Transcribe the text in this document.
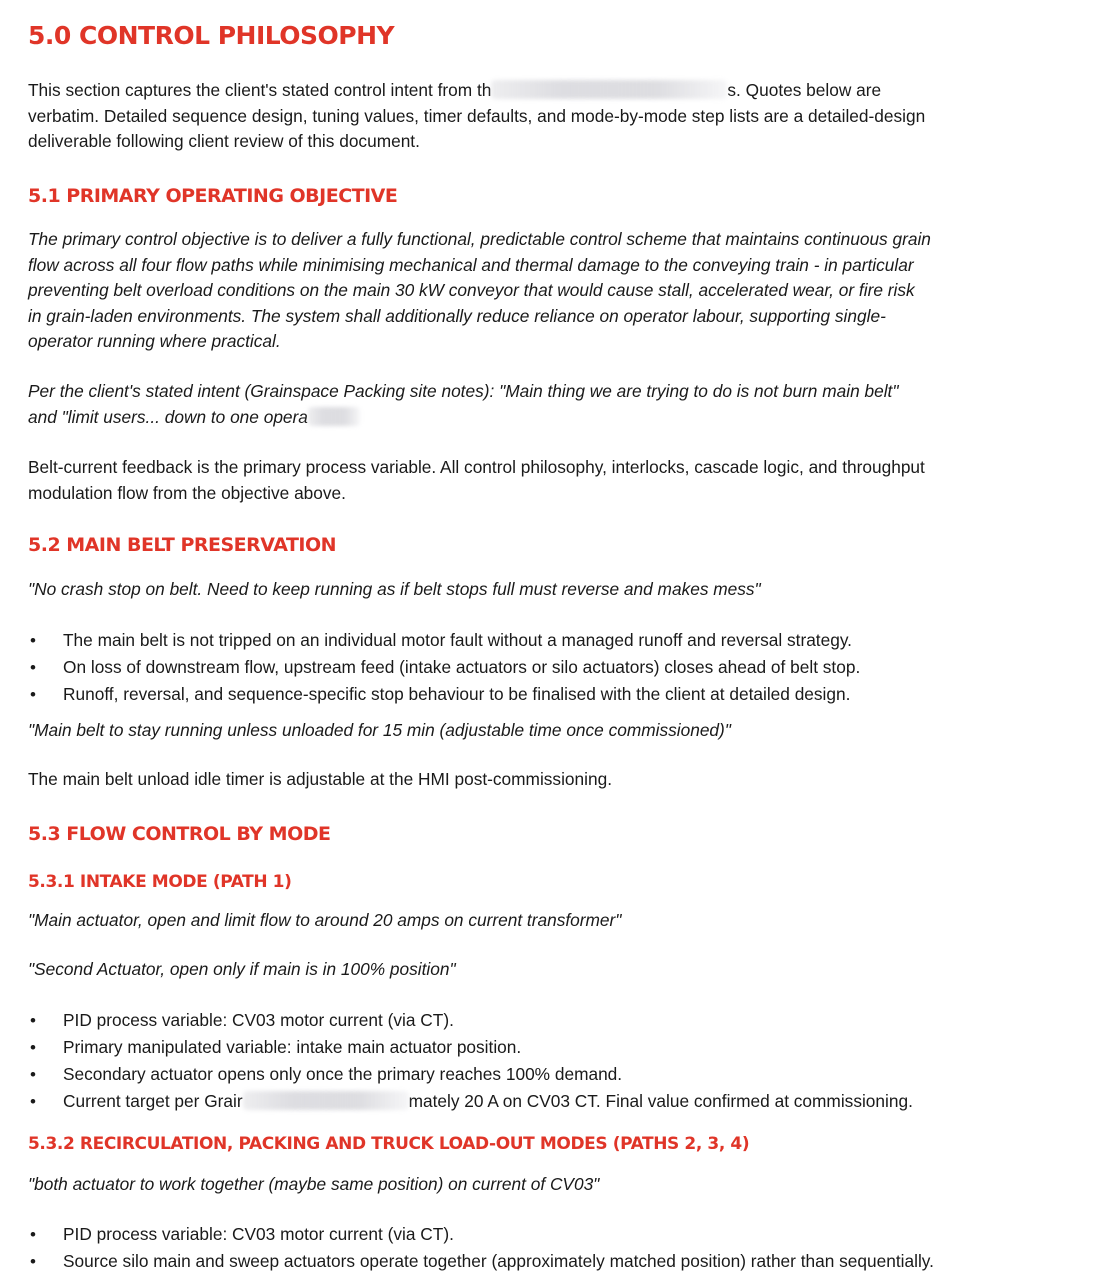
5.0 CONTROL PHILOSOPHY

This section captures the client's stated control intent from th	s. Quotes below are

verbatim. Detailed sequence design, tuning values, timer defaults, and mode-by-mode step lists are a detailed-design

deliverable following client review of this document.

5.1 PRIMARY OPERATING OBJECTIVE

The primary control objective is to deliver a fully functional, predictable control scheme that maintains continuous grain

flow across all four flow paths while minimising mechanical and thermal damage to the conveying train - in particular

preventing belt overload conditions on the main 30 kW conveyor that would cause stall, accelerated wear, or fire risk

in grain-laden environments. The system shall additionally reduce reliance on operator labour, supporting single-

operator running where practical.

Per the client's stated intent (Grainspace Packing site notes): "Main thing we are trying to do is not burn main belt"

and "limit users... down to one opera

Belt-current feedback is the primary process variable. All control philosophy, interlocks, cascade logic, and throughput

modulation flow from the objective above.

5.2 MAIN BELT PRESERVATION

"No crash stop on belt. Need to keep running as if belt stops full must reverse and makes mess"

• The main belt is not tripped on an individual motor fault without a managed runoff and reversal strategy.
• On loss of downstream flow, upstream feed (intake actuators or silo actuators) closes ahead of belt stop.
• Runoff, reversal, and sequence-specific stop behaviour to be finalised with the client at detailed design.

"Main belt to stay running unless unloaded for 15 min (adjustable time once commissioned)"

The main belt unload idle timer is adjustable at the HMI post-commissioning.

5.3 FLOW CONTROL BY MODE
5.3.1 INTAKE MODE (PATH 1)

"Main actuator, open and limit flow to around 20 amps on current transformer"

"Second Actuator, open only if main is in 100% position"

• PID process variable: CV03 motor current (via CT).
• Primary manipulated variable: intake main actuator position.
• Secondary actuator opens only once the primary reaches 100% demand.
• Current target per Grair	mately 20 A on CV03 CT. Final value confirmed at commissioning.
5.3.2 RECIRCULATION, PACKING AND TRUCK LOAD-OUT MODES (PATHS 2, 3, 4)

"both actuator to work together (maybe same position) on current of CV03"

• PID process variable: CV03 motor current (via CT).
• Source silo main and sweep actuators operate together (approximately matched position) rather than sequentially.
